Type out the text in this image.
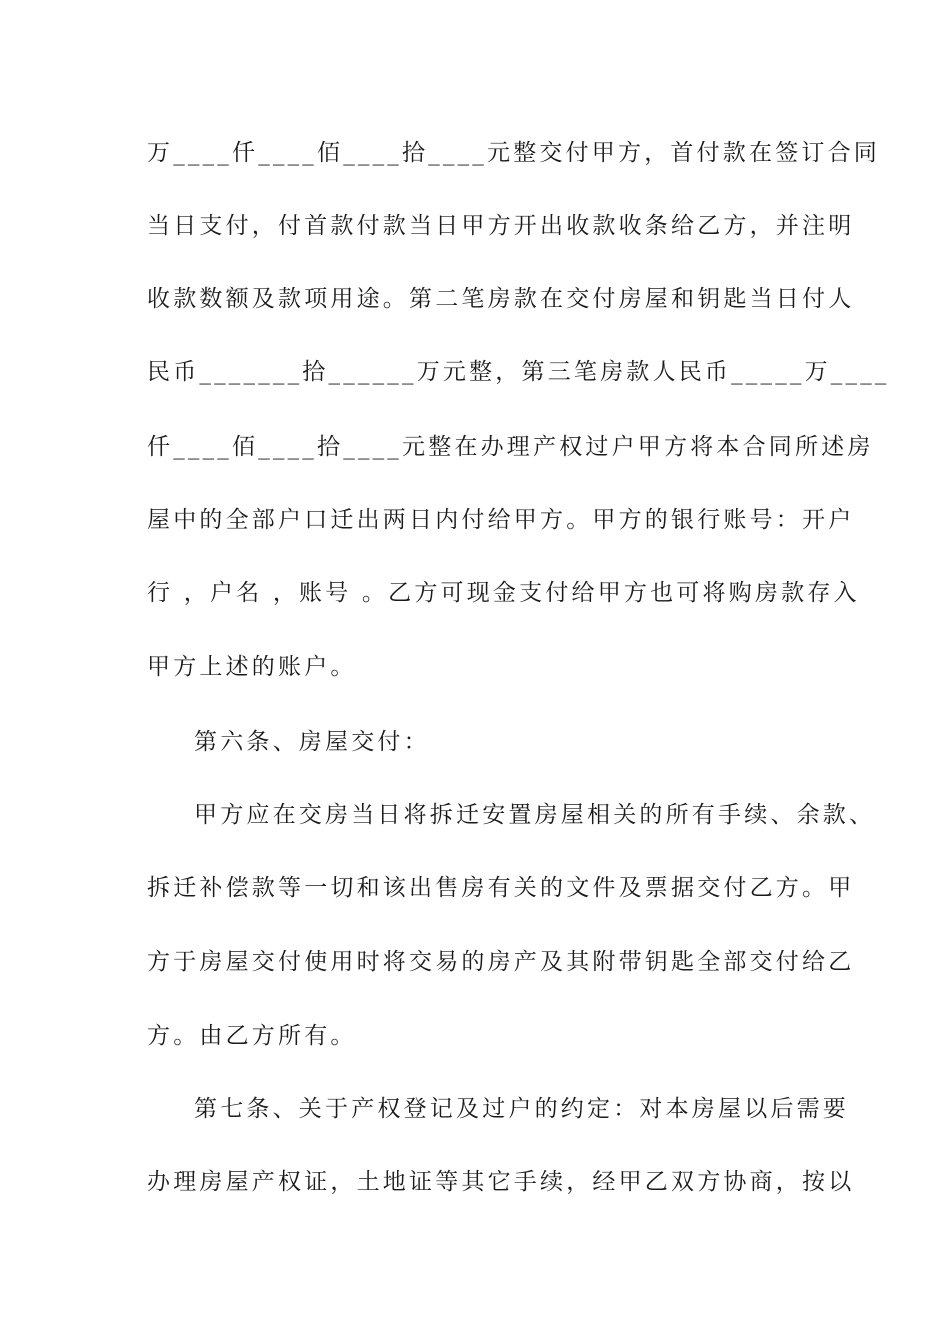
万____仟____佰____拾____元整交付甲方，首付款在签订合同
当日支付，付首款付款当日甲方开出收款收条给乙方，并注明
收款数额及款项用途。第二笔房款在交付房屋和钥匙当日付人
民币_______拾______万元整，第三笔房款人民币_____万____
仟____佰____拾____元整在办理产权过户甲方将本合同所述房
屋中的全部户口迁出两日内付给甲方。甲方的银行账号：开户
行 ，户名 ，账号 。乙方可现金支付给甲方也可将购房款存入
甲方上述的账户。
第六条、房屋交付：
甲方应在交房当日将拆迁安置房屋相关的所有手续、余款、
拆迁补偿款等一切和该出售房有关的文件及票据交付乙方。甲
方于房屋交付使用时将交易的房产及其附带钥匙全部交付给乙
方。由乙方所有。
第七条、关于产权登记及过户的约定：对本房屋以后需要
办理房屋产权证，土地证等其它手续，经甲乙双方协商，按以
